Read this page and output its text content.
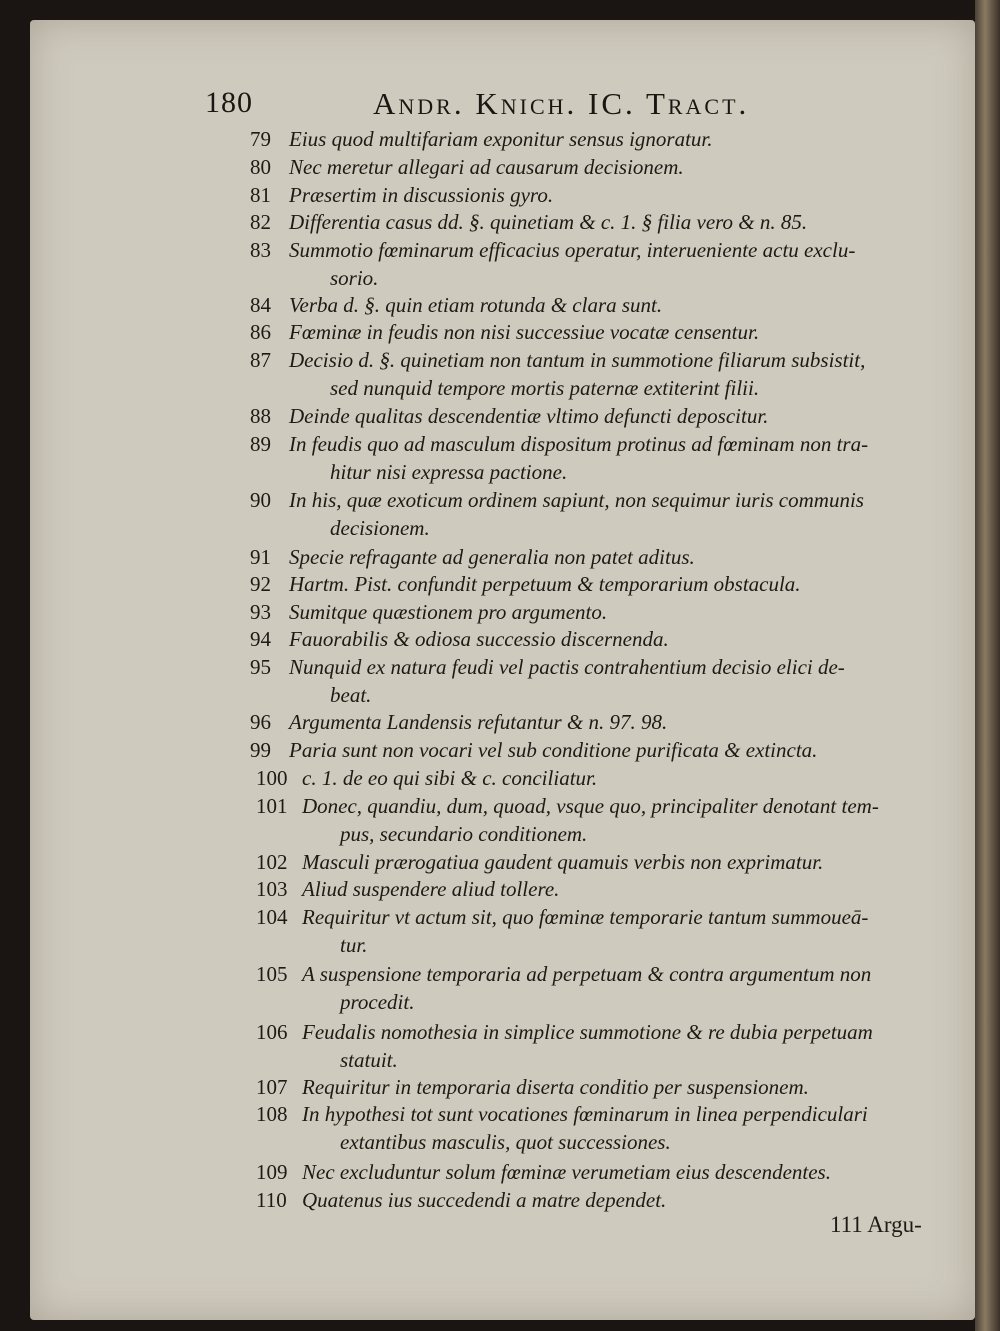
180	Andr. Knich. IC. Tract.
79 Eius quod multifariam exponitur sensus ignoratur.
80 Nec meretur allegari ad causarum decisionem.
81 Præsertim in discussionis gyro.
82 Differentia casus dd. §. quinetiam & c. 1. § filia vero & n. 85.
83 Summotio fœminarum efficacius operatur, interueniente actu exclu-
sorio.
84 Verba d. §. quin etiam rotunda & clara sunt.
86 Fœminæ in feudis non nisi successiue vocatæ censentur.
87 Decisio d. §. quinetiam non tantum in summotione filiarum subsistit,
sed nunquid tempore mortis paternæ extiterint filii.
88 Deinde qualitas descendentiæ vltimo defuncti deposcitur.
89 In feudis quo ad masculum dispositum protinus ad fœminam non tra-
hitur nisi expressa pactione.
90 In his, quæ exoticum ordinem sapiunt, non sequimur iuris communis
decisionem.
91 Specie refragante ad generalia non patet aditus.
92 Hartm. Pist. confundit perpetuum & temporarium obstacula.
93 Sumitque quæstionem pro argumento.
94 Fauorabilis & odiosa successio discernenda.
95 Nunquid ex natura feudi vel pactis contrahentium decisio elici de-
beat.
96 Argumenta Landensis refutantur & n. 97. 98.
99 Paria sunt non vocari vel sub conditione purificata & extincta.
100 c. 1. de eo qui sibi & c. conciliatur.
101 Donec, quandiu, dum, quoad, vsque quo, principaliter denotant tem-
pus, secundario conditionem.
102 Masculi prærogatiua gaudent quamuis verbis non exprimatur.
103 Aliud suspendere aliud tollere.
104 Requiritur vt actum sit, quo fœminæ temporarie tantum summoueā-
tur.
105 A suspensione temporaria ad perpetuam & contra argumentum non
procedit.
106 Feudalis nomothesia in simplice summotione & re dubia perpetuam
statuit.
107 Requiritur in temporaria diserta conditio per suspensionem.
108 In hypothesi tot sunt vocationes fœminarum in linea perpendiculari
extantibus masculis, quot successiones.
109 Nec excluduntur solum fœminæ verumetiam eius descendentes.
110 Quatenus ius succedendi a matre dependet.
111 Argu-
